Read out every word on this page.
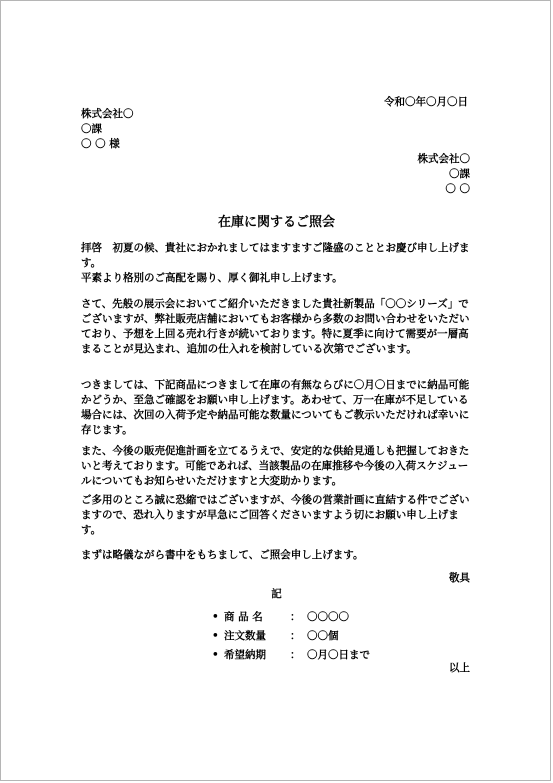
令和〇年〇月〇日
株式会社〇
〇課
〇 〇 様
株式会社〇
〇課
〇 〇
在庫に関するご照会

拝啓　初夏の候、貴社におかれましてはますますご隆盛のこととお慶び申し上げます。
平素より格別のご高配を賜り、厚く御礼申し上げます。

さて、先般の展示会においてご紹介いただきました貴社新製品「〇〇シリーズ」でございますが、弊社販売店舗においてもお客様から多数のお問い合わせをいただいており、予想を上回る売れ行きが続いております。特に夏季に向けて需要が一層高まることが見込まれ、追加の仕入れを検討している次第でございます。

つきましては、下記商品につきまして在庫の有無ならびに〇月〇日までに納品可能かどうか、至急ご確認をお願い申し上げます。あわせて、万一在庫が不足している場合には、次回の入荷予定や納品可能な数量についてもご教示いただければ幸いに存じます。

また、今後の販売促進計画を立てるうえで、安定的な供給見通しも把握しておきたいと考えております。可能であれば、当該製品の在庫推移や今後の入荷スケジュールについてもお知らせいただけますと大変助かります。

ご多用のところ誠に恐縮ではございますが、今後の営業計画に直結する件でございますので、恐れ入りますが早急にご回答くださいますよう切にお願い申し上げます。

まずは略儀ながら書中をもちまして、ご照会申し上げます。

敬具
記
• 商 品 名	： 〇〇〇〇
• 注文数量	： 〇〇個
• 希望納期	： 〇月〇日まで
以上
